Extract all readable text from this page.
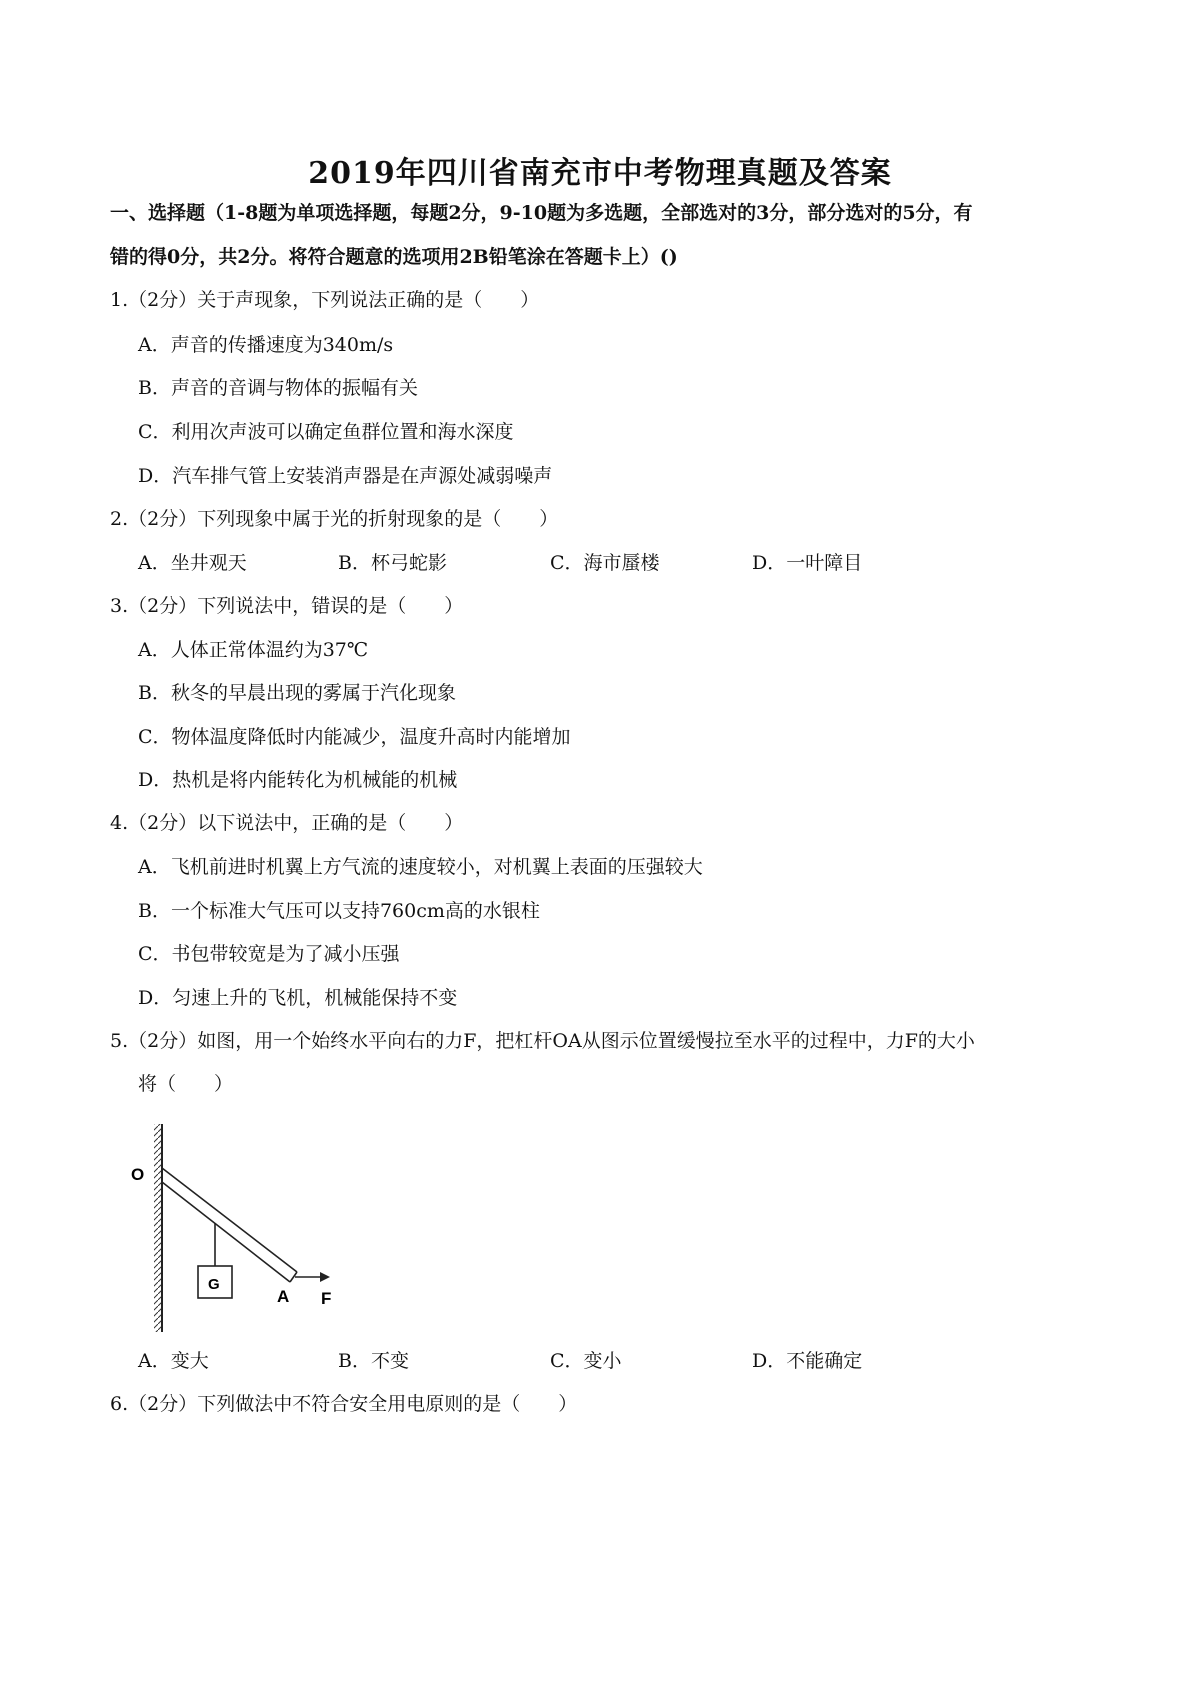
2019年四川省南充市中考物理真题及答案
一、选择题（1-8题为单项选择题，每题2分，9-10题为多选题，全部选对的3分，部分选对的5分，有
错的得0分，共2分。将符合题意的选项用2B铅笔涂在答题卡上）()
1.（2分）关于声现象，下列说法正确的是（　　）
A．声音的传播速度为340m/s
B．声音的音调与物体的振幅有关
C．利用次声波可以确定鱼群位置和海水深度
D．汽车排气管上安装消声器是在声源处减弱噪声
2.（2分）下列现象中属于光的折射现象的是（　　）
A．坐井观天	B．杯弓蛇影	C．海市蜃楼	D．一叶障目
3.（2分）下列说法中，错误的是（　　）
A．人体正常体温约为37℃
B．秋冬的早晨出现的雾属于汽化现象
C．物体温度降低时内能减少，温度升高时内能增加
D．热机是将内能转化为机械能的机械
4.（2分）以下说法中，正确的是（　　）
A．飞机前进时机翼上方气流的速度较小，对机翼上表面的压强较大
B．一个标准大气压可以支持760cm高的水银柱
C．书包带较宽是为了减小压强
D．匀速上升的飞机，机械能保持不变
5.（2分）如图，用一个始终水平向右的力F，把杠杆OA从图示位置缓慢拉至水平的过程中，力F的大小
将（　　）
O
G
A F
A．变大	B．不变	C．变小	D．不能确定
6.（2分）下列做法中不符合安全用电原则的是（　　）
